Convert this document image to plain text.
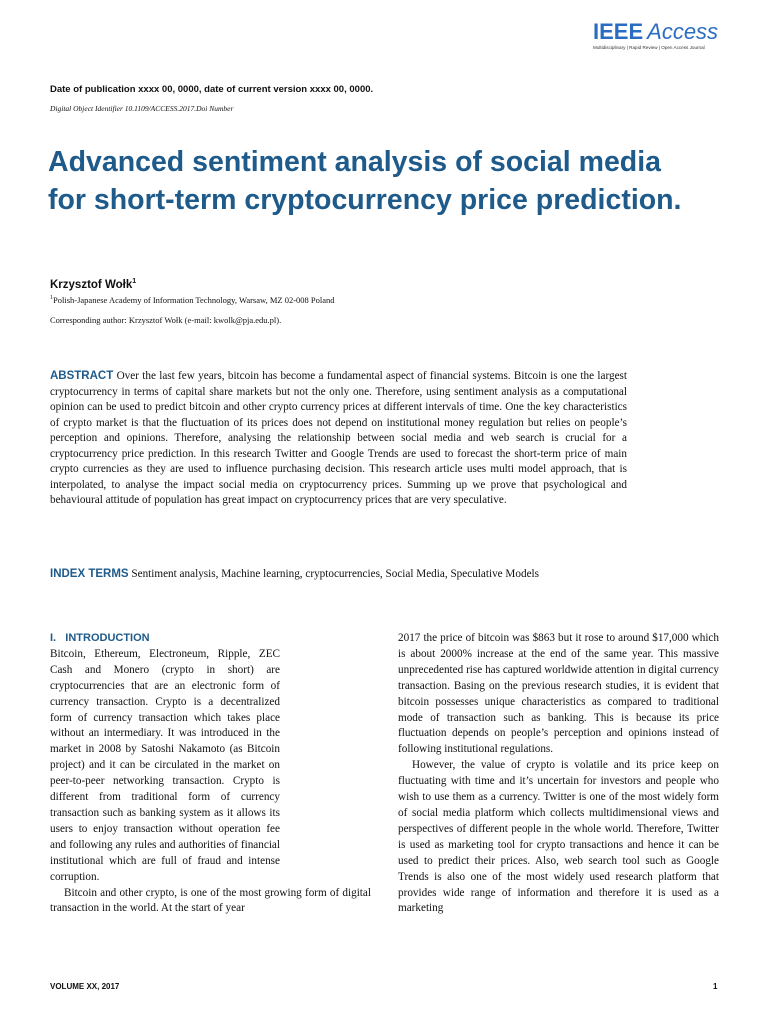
IEEE Access
Multidisciplinary | Rapid Review | Open Access Journal
Date of publication xxxx 00, 0000, date of current version xxxx 00, 0000.
Digital Object Identifier 10.1109/ACCESS.2017.Doi Number
Advanced sentiment analysis of social media for short-term cryptocurrency price prediction.
Krzysztof Wołk$^1$
$^1$Polish-Japanese Academy of Information Technology, Warsaw, MZ 02-008 Poland
Corresponding author: Krzysztof Wołk (e-mail: kwolk@pja.edu.pl).

ABSTRACT Over the last few years, bitcoin has become a fundamental aspect of financial systems. Bitcoin is one the largest cryptocurrency in terms of capital share markets but not the only one. Therefore, using sentiment analysis as a computational opinion can be used to predict bitcoin and other crypto currency prices at different intervals of time. One the key characteristics of crypto market is that the fluctuation of its prices does not depend on institutional money regulation but relies on people’s perception and opinions. Therefore, analysing the relationship between social media and web search is crucial for a cryptocurrency price prediction. In this research Twitter and Google Trends are used to forecast the short-term price of main crypto currencies as they are used to influence purchasing decision. This research article uses multi model approach, that is interpolated, to analyse the impact social media on cryptocurrency prices. Summing up we prove that psychological and behavioural attitude of population has great impact on cryptocurrency prices that are very speculative.

INDEX TERMS Sentiment analysis, Machine learning, cryptocurrencies, Social Media, Speculative Models

I.   INTRODUCTION

Bitcoin, Ethereum, Electroneum, Ripple, ZEC Cash and Monero (crypto in short) are cryptocurrencies that are an electronic form of currency transaction. Crypto is a decentralized form of currency transaction which takes place without an intermediary. It was introduced in the market in 2008 by Satoshi Nakamoto (as Bitcoin project) and it can be circulated in the market on peer-to-peer networking transaction. Crypto is different from traditional form of currency transaction such as banking system as it allows its users to enjoy transaction without operation fee and following any rules and authorities of financial institutional which are full of fraud and intense corruption.

Bitcoin and other crypto, is one of the most growing form of digital transaction in the world. At the start of year

2017 the price of bitcoin was $863 but it rose to around $17,000 which is about 2000% increase at the end of the same year. This massive unprecedented rise has captured worldwide attention in digital currency transaction. Basing on the previous research studies, it is evident that bitcoin possesses unique characteristics as compared to traditional mode of transaction such as banking. This is because its price fluctuation depends on people’s perception and opinions instead of following institutional regulations.

However, the value of crypto is volatile and its price keep on fluctuating with time and it’s uncertain for investors and people who wish to use them as a currency. Twitter is one of the most widely form of social media platform which collects multidimensional views and perspectives of different people in the whole world. Therefore, Twitter is used as marketing tool for crypto transactions and hence it can be used to predict their prices. Also, web search tool such as Google Trends is also one of the most widely used research platform that provides wide range of information and therefore it is used as a marketing

VOLUME XX, 2017	1
